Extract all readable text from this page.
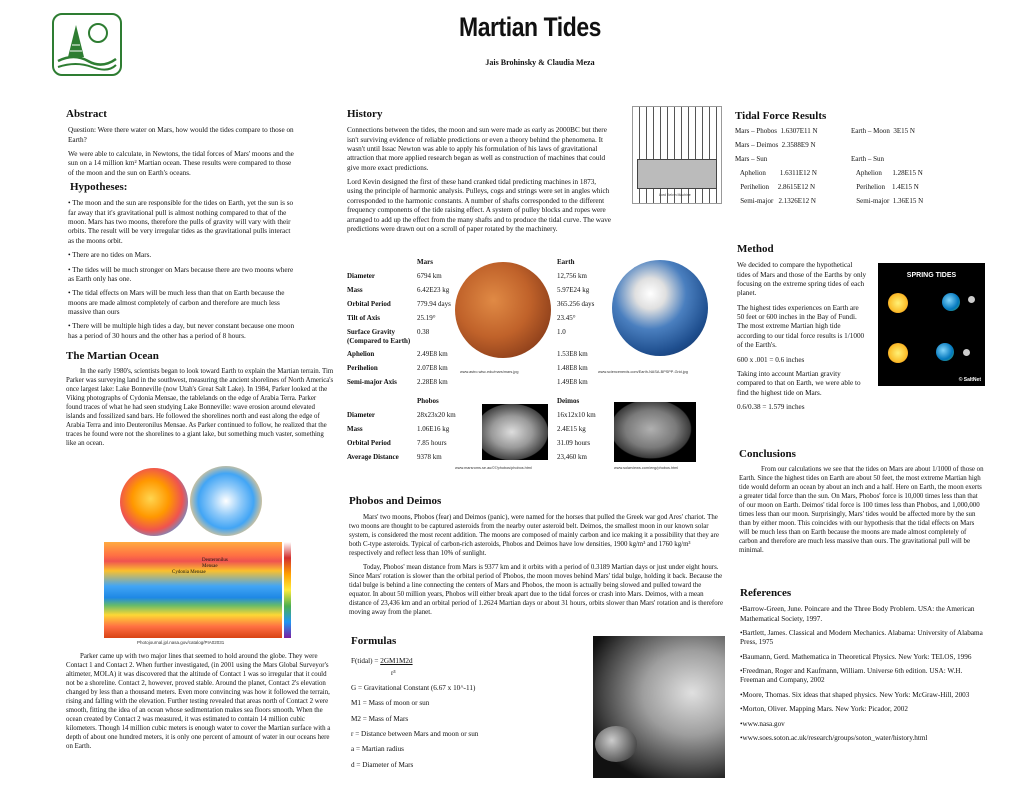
Martian Tides
Jais Brohinsky & Claudia Meza
Abstract

Question: Were there water on Mars, how would the tides compare to those on Earth?

We were able to calculate, in Newtons, the tidal forces of Mars' moons and the sun on a 14 million km² Martian ocean. These results were compared to those of the moon and the sun on Earth's oceans.

Hypotheses:

• The moon and the sun are responsible for the tides on Earth, yet the sun is so far away that it's gravitational pull is almost nothing compared to that of the moon. Mars has two moons, therefore the pulls of gravity will vary with their orbits. The result will be very irregular tides as the gravitational pulls interact as the moons orbit.

• There are no tides on Mars.

• The tides will be much stronger on Mars because there are two moons where as Earth only has one.

• The tidal effects on Mars will be much less than that on Earth because the moons are made almost completely of carbon and therefore are much less massive than ours

• There will be multiple high tides a day, but never constant because one moon has a period of 30 hours and the other has a period of 8 hours.

The Martian Ocean

In the early 1980's, scientists began to look toward Earth to explain the Martian terrain. Tim Parker was surveying land in the southwest, measuring the ancient shorelines of North America's once largest lake: Lake Bonneville (now Utah's Great Salt Lake). In 1984, Parker looked at the Viking photographs of Cydonia Mensae, the tablelands on the edge of Arabia Terra. Parker found traces of what he had seen studying Lake Bonneville: wave erosion around elevated islands and fossilized sand bars. He followed the shorelines north and east along the edge of Arabia Terra and into Deuteronilus Mensae. As Parker continued to follow, he realized that the traces he found were not the shorelines to a giant lake, but something much vaster, something like an ocean.

Deuteronilus Mensae
Cydonia Mensae
Photojournal.jpl.nasa.gov/catalog/PIA02031

Parker came up with two major lines that seemed to hold around the globe. They were Contact 1 and Contact 2. When further investigated, (in 2001 using the Mars Global Surveyor's altimeter, MOLA) it was discovered that the altitude of Contact 1 was so irregular that it could not be a shoreline. Contact 2, however, proved stable. Around the planet, Contact 2's elevation changed by less than a thousand meters. Even more convincing was how it followed the terrain, rising and falling with the elevation. Further testing revealed that areas north of Contact 2 were smooth, fitting the idea of an ocean whose sedimentation makes sea floors smooth. When the ocean created by Contact 2 was measured, it was estimated to contain 14 million cubic kilometers. Though 14 million cubic meters is enough water to cover the Martian surface with a depth of about one hundred meters, it is only one percent of amount of water in our oceans here on Earth.

History

Connections between the tides, the moon and sun were made as early as 2000BC but there isn't surviving evidence of reliable predictions or even a theory behind the phenomena. It wasn't until Issac Newton was able to apply his formulation of his laws of gravitational attraction that more applied research began as well as construction of machines that could give more exact predictions.

Lord Kevin designed the first of these hand cranked tidal predicting machines in 1873, using the principle of harmonic analysis. Pulleys, cogs and strings were set in angles which corresponded to the harmonic constants. A number of shafts corresponded to the different frequency components of the tide raising effect. A system of pulley blocks and ropes were arranged to add up the effect from the many shafts and to produce the tidal curve. The wave predictions were drawn out on a scroll of paper rotated by the machinery.

Lord Kelvin Machine
	Mars	Earth
Diameter	6794 km	12,756 km
Mass	6.42E23 kg	5.97E24 kg
Orbital Period	779.94 days	365.256 days
Tilt of Axis	25.19°	23.45°
Surface Gravity
(Compared to Earth)	0.38	1.0
Aphelion	2.49E8 km	1.53E8 km
Perihelion	2.07E8 km	1.48E8 km
Semi-major Axis	2.28E8 km	1.49E8 km
www.astro.wisc.edu/mars/mars.jpg	www.sciencenerds.com/Earth-NASA-BPSPP-Grid.jpg
	Phobos	Deimos
Diameter	28x23x20 km	16x12x10 km
Mass	1.06E16 kg	2.4E15 kg
Orbital Period	7.85 hours	31.09 hours
Average Distance	9378 km	23,460 km
www.marsroms.se.au/07/phobos/phobos.html	www.solarviews.com/eng/phobos.html
Phobos and Deimos

Mars' two moons, Phobos (fear) and Deimos (panic), were named for the horses that pulled the Greek war god Ares' chariot. The two moons are thought to be captured asteroids from the nearby outer asteroid belt. Deimos, the smallest moon in our known solar system, is considered the most recent addition. The moons are composed of mainly carbon and ice making it a possibility that they are both C-type asteroids. Typical of carbon-rich asteroids, Phobos and Deimos have low densities, 1900 kg/m³ and 1760 kg/m³ respectively and reflect less than 10% of sunlight.

Today, Phobos' mean distance from Mars is 9377 km and it orbits with a period of 0.3189 Martian days or just under eight hours. Since Mars' rotation is slower than the orbital period of Phobos, the moon moves behind Mars' tidal bulge, holding it back. Because the tidal bulge is behind a line connecting the centers of Mars and Phobos, the moon is actually being slowed and pulled toward the equator. In about 50 million years, Phobos will either break apart due to the tidal forces or crash into Mars. Deimos, with a mean distance of 23,436 km and an orbital period of 1.2624 Martian days or about 31 hours, orbits slower than Mars' rotation and is therefore moving away from the planet.

Formulas
F(tidal) = 2GM1M2d
r³
G = Gravitational Constant (6.67 x 10^-11)
M1 = Mass of moon or sun
M2 = Mass of Mars
r = Distance between Mars and moon or sun
a = Martian radius
d = Diameter of Mars
Tidal Force Results
Mars – Phobos  1.6307E11 N	Earth – Moon  3E15 N
Mars – Deimos  2.3588E9 N	
Mars – Sun	Earth – Sun
Aphelion        1.6311E12 N	Aphelion      1.28E15 N
Perihelion     2.8615E12 N	Perihelion    1.4E15 N
Semi-major   2.1326E12 N	Semi-major  1.36E15 N
Method

We decided to compare the hypothetical tides of Mars and those of the Earths by only focusing on the extreme spring tides of each planet.

The highest tides experiences on Earth are 50 feet or 600 inches in the Bay of Fundi. The most extreme Martian high tide according to our tidal force results is 1/1000 of the Earth's.

600 x .001 = 0.6 inches

Taking into account Martian gravity compared to that on Earth, we were able to find the highest tide on Mars.

0.6/0.38 = 1.579 inches

SPRING TIDES
© SaltNet
Conclusions

From our calculations we see that the tides on Mars are about 1/1000 of those on Earth. Since the highest tides on Earth are about 50 feet, the most extreme Martian high tide would deform an ocean by about an inch and a half. Here on Earth, the moon exerts a greater tidal force than the sun. On Mars, Phobos' force is 10,000 times less than that of our moon on Earth. Deimos' tidal force is 100 times less than Phobos, and 1,000,000 times less than our moon. Surprisingly, Mars' tides would be affected more by the sun than by either moon. This coincides with our hypothesis that the tidal effects on Mars will be much less than on Earth because the moons are made almost completely of carbon and therefore are much less massive than ours. The gravitational pull will be minimal.

References

•Barrow-Green, June. Poincare and the Three Body Problem. USA: the American Mathematical Society, 1997.

•Bartlett, James. Classical and Modern Mechanics. Alabama: University of Alabama Press, 1975

•Baumann, Gerd. Mathematica in Theoretical Physics. New York: TELOS, 1996

•Freedman, Roger and Kaufmann, William. Universe 6th edition. USA: W.H. Freeman and Company, 2002

•Moore, Thomas. Six ideas that shaped physics. New York: McGraw-Hill, 2003

•Morton, Oliver. Mapping Mars. New York: Picador, 2002

•www.nasa.gov

•www.soes.soton.ac.uk/research/groups/soton_water/history.html
